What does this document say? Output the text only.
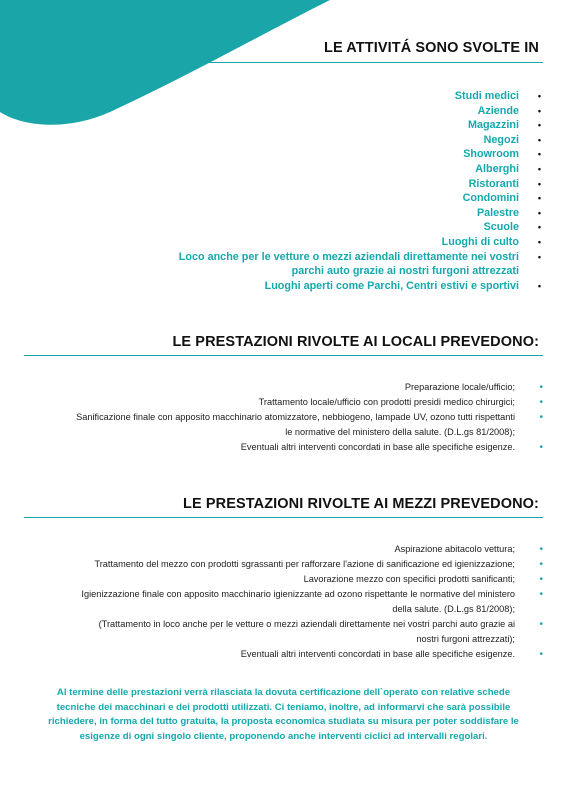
LE ATTIVITÁ SONO SVOLTE IN
Studi medici	•
Aziende	•
Magazzini	•
Negozi	•
Showroom	•
Alberghi	•
Ristoranti	•
Condomini	•
Palestre	•
Scuole	•
Luoghi di culto	•
Loco anche per le vetture o mezzi aziendali direttamente nei vostri parchi auto grazie ai nostri furgoni attrezzati
•
Luoghi aperti come Parchi, Centri estivi e sportivi	•
LE PRESTAZIONI RIVOLTE AI LOCALI PREVEDONO:
Preparazione locale/ufficio;	•
Trattamento locale/ufficio con prodotti presidi medico chirurgici;	•
Sanificazione finale con apposito macchinario atomizzatore, nebbiogeno, lampade UV, ozono tutti rispettanti le normative del ministero della salute. (D.L.gs 81/2008);
•
Eventuali altri interventi concordati in base alle specifiche esigenze.	•
LE PRESTAZIONI RIVOLTE AI MEZZI PREVEDONO:
Aspirazione abitacolo vettura;	•
Trattamento del mezzo con prodotti sgrassanti per rafforzare l'azione di sanificazione ed igienizzazione;	•
Lavorazione mezzo con specifici prodotti sanificanti;	•
Igienizzazione finale con apposito macchinario igienizzante ad ozono rispettante le normative del ministero della salute. (D.L.gs 81/2008);
•
(Trattamento in loco anche per le vetture o mezzi aziendali direttamente nei vostri parchi auto grazie ai nostri furgoni attrezzati);
•
Eventuali altri interventi concordati in base alle specifiche esigenze.	•
Al termine delle prestazioni verrà rilasciata la dovuta certificazione dell`operato con relative schede tecniche dei macchinari e dei prodotti utilizzati. Ci teniamo, inoltre, ad informarvi che sarà possibile richiedere, in forma del tutto gratuita, la proposta economica studiata su misura per poter soddisfare le esigenze di ogni singolo cliente, proponendo anche interventi ciclici ad intervalli regolari.
